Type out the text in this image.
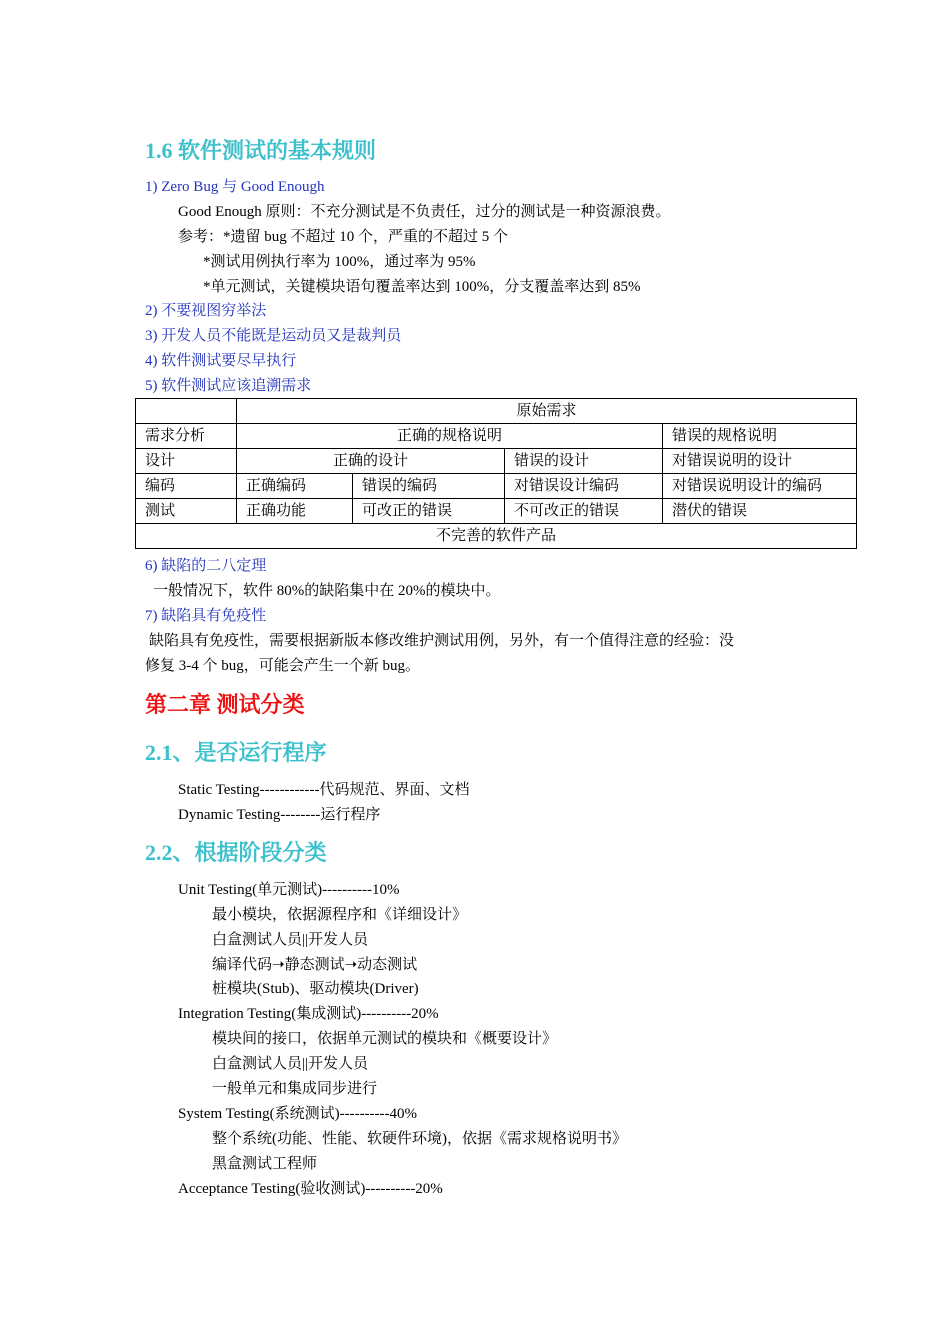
1.6 软件测试的基本规则
1) Zero Bug 与 Good Enough
Good Enough 原则：不充分测试是不负责任，过分的测试是一种资源浪费。
参考：*遗留 bug 不超过 10 个，严重的不超过 5 个
*测试用例执行率为 100%，通过率为 95%
*单元测试，关键模块语句覆盖率达到 100%，分支覆盖率达到 85%
2) 不要视图穷举法
3) 开发人员不能既是运动员又是裁判员
4) 软件测试要尽早执行
5) 软件测试应该追溯需求
	原始需求			
需求分析	正确的规格说明			错误的规格说明
设计	正确的设计		错误的设计	对错误说明的设计
编码	正确编码	错误的编码	对错误设计编码	对错误说明设计的编码
测试	正确功能	可改正的错误	不可改正的错误	潜伏的错误
不完善的软件产品				
6) 缺陷的二八定理
一般情况下，软件 80%的缺陷集中在 20%的模块中。
7) 缺陷具有免疫性
缺陷具有免疫性，需要根据新版本修改维护测试用例，另外，有一个值得注意的经验：没
修复 3-4 个 bug，可能会产生一个新 bug。
第二章 测试分类
2.1、是否运行程序
Static Testing------------代码规范、界面、文档
Dynamic Testing--------运行程序
2.2、根据阶段分类
Unit Testing(单元测试)----------10%
最小模块，依据源程序和《详细设计》
白盒测试人员||开发人员
编译代码➝静态测试➝动态测试
桩模块(Stub)、驱动模块(Driver)
Integration Testing(集成测试)----------20%
模块间的接口，依据单元测试的模块和《概要设计》
白盒测试人员||开发人员
一般单元和集成同步进行
System Testing(系统测试)----------40%
整个系统(功能、性能、软硬件环境)，依据《需求规格说明书》
黑盒测试工程师
Acceptance Testing(验收测试)----------20%
